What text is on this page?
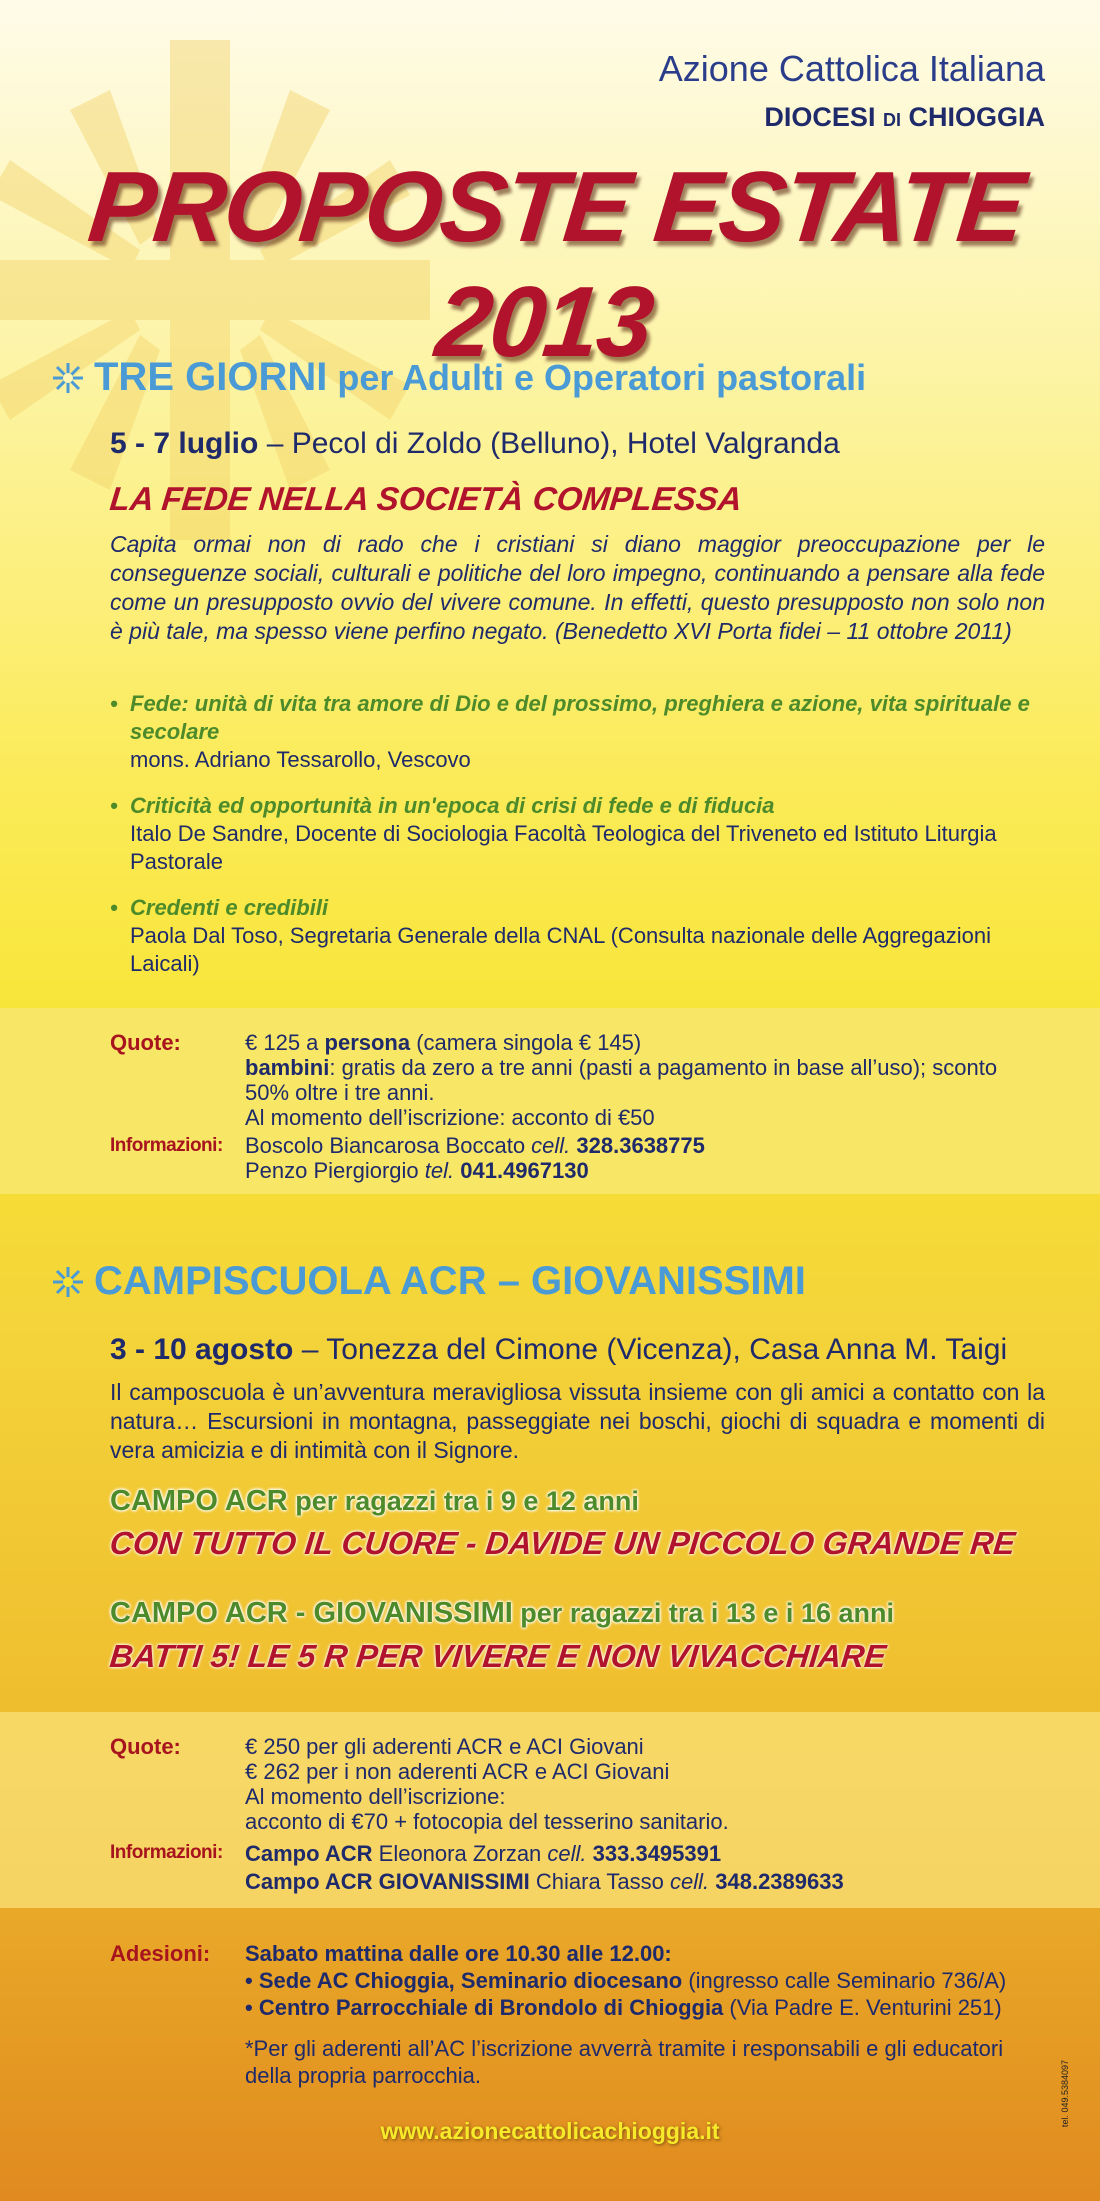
Azione Cattolica Italiana
DIOCESI DI CHIOGGIA
PROPOSTE ESTATE 2013
TRE GIORNI per Adulti e Operatori pastorali
5 - 7 luglio – Pecol di Zoldo (Belluno), Hotel Valgranda
LA FEDE NELLA SOCIETÀ COMPLESSA
Capita ormai non di rado che i cristiani si diano maggior preoccupazione per le conseguenze sociali, culturali e politiche del loro impegno, continuando a pensare alla fede come un presupposto ovvio del vivere comune. In effetti, questo presupposto non solo non è più tale, ma spesso viene perfino negato. (Benedetto XVI Porta fidei – 11 ottobre 2011)
• Fede: unità di vita tra amore di Dio e del prossimo, preghiera e azione, vita spirituale e secolare
mons. Adriano Tessarollo, Vescovo
• Criticità ed opportunità in un'epoca di crisi di fede e di fiducia
Italo De Sandre, Docente di Sociologia Facoltà Teologica del Triveneto ed Istituto Liturgia Pastorale
• Credenti e credibili
Paola Dal Toso, Segretaria Generale della CNAL (Consulta nazionale delle Aggregazioni Laicali)
Quote:	€ 125 a persona (camera singola € 145)
bambini: gratis da zero a tre anni (pasti a pagamento in base all’uso); sconto 50% oltre i tre anni.
Al momento dell’iscrizione: acconto di €50
Informazioni:	Boscolo Biancarosa Boccato cell. 328.3638775
Penzo Piergiorgio tel. 041.4967130
CAMPISCUOLA ACR – GIOVANISSIMI
3 - 10 agosto – Tonezza del Cimone (Vicenza), Casa Anna M. Taigi
Il camposcuola è un’avventura meravigliosa vissuta insieme con gli amici a contatto con la natura… Escursioni in montagna, passeggiate nei boschi, giochi di squadra e momenti di vera amicizia e di intimità con il Signore.
CAMPO ACR per ragazzi tra i 9 e 12 anni
CON TUTTO IL CUORE - DAVIDE UN PICCOLO GRANDE RE
CAMPO ACR - GIOVANISSIMI per ragazzi tra i 13 e i 16 anni
BATTI 5! LE 5 R PER VIVERE E NON VIVACCHIARE
Quote:	€ 250 per gli aderenti ACR e ACI Giovani
€ 262 per i non aderenti ACR e ACI Giovani
Al momento dell’iscrizione:
acconto di €70 + fotocopia del tesserino sanitario.
Informazioni:	Campo ACR Eleonora Zorzan cell. 333.3495391
Campo ACR GIOVANISSIMI Chiara Tasso cell. 348.2389633
Adesioni:	Sabato mattina dalle ore 10.30 alle 12.00:
• Sede AC Chioggia, Seminario diocesano (ingresso calle Seminario 736/A)
• Centro Parrocchiale di Brondolo di Chioggia (Via Padre E. Venturini 251)
*Per gli aderenti all’AC l’iscrizione avverrà tramite i responsabili e gli educatori della propria parrocchia.
www.azionecattolicachioggia.it
tel. 049.5384097
